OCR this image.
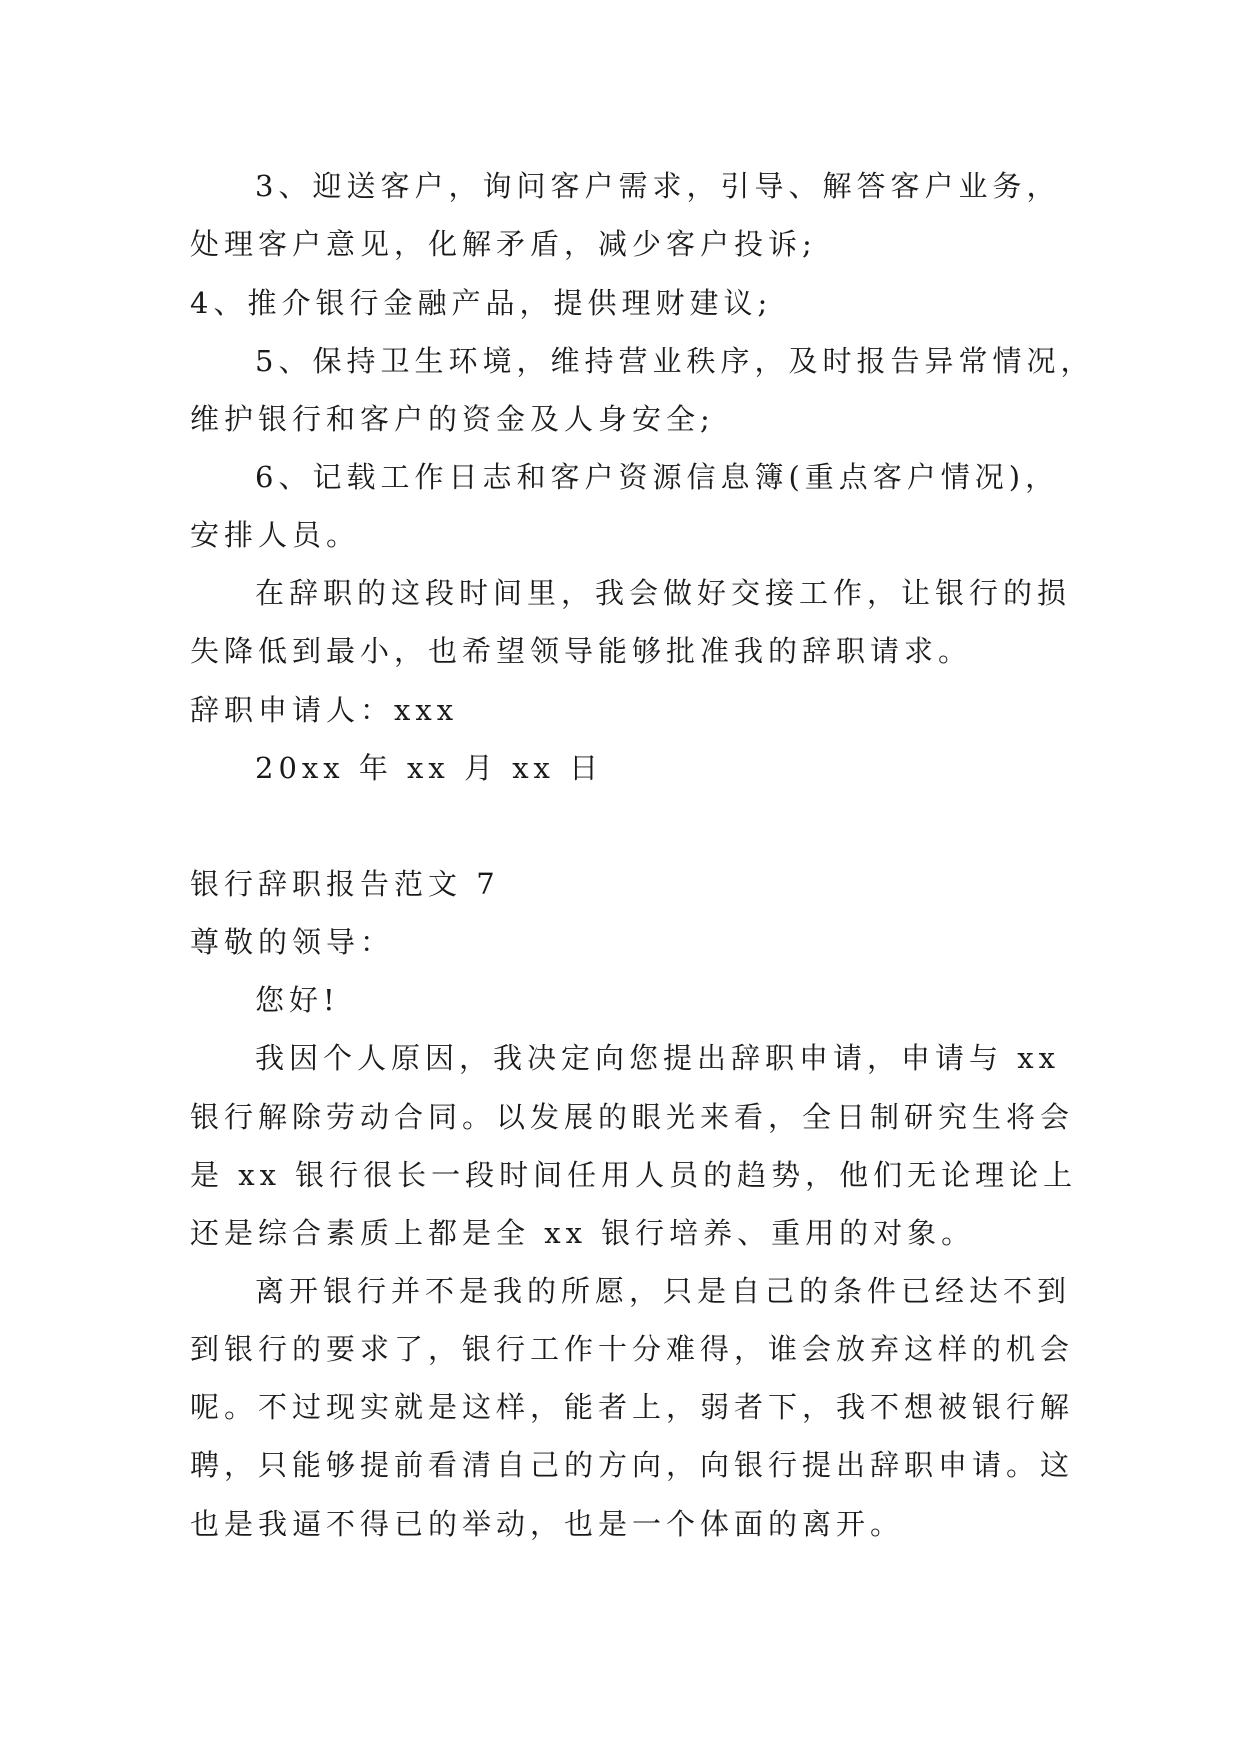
3、迎送客户，询问客户需求，引导、解答客户业务，
处理客户意见，化解矛盾，减少客户投诉;
4、推介银行金融产品，提供理财建议;
5、保持卫生环境，维持营业秩序，及时报告异常情况，
维护银行和客户的资金及人身安全;
6、记载工作日志和客户资源信息簿(重点客户情况)，
安排人员。
在辞职的这段时间里，我会做好交接工作，让银行的损
失降低到最小，也希望领导能够批准我的辞职请求。
辞职申请人：xxx
20xx 年 xx 月 xx 日
银行辞职报告范文 7
尊敬的领导：
您好!
我因个人原因，我决定向您提出辞职申请，申请与 xx
银行解除劳动合同。以发展的眼光来看，全日制研究生将会
是 xx 银行很长一段时间任用人员的趋势，他们无论理论上
还是综合素质上都是全 xx 银行培养、重用的对象。
离开银行并不是我的所愿，只是自己的条件已经达不到
到银行的要求了，银行工作十分难得，谁会放弃这样的机会
呢。不过现实就是这样，能者上，弱者下，我不想被银行解
聘，只能够提前看清自己的方向，向银行提出辞职申请。这
也是我逼不得已的举动，也是一个体面的离开。
